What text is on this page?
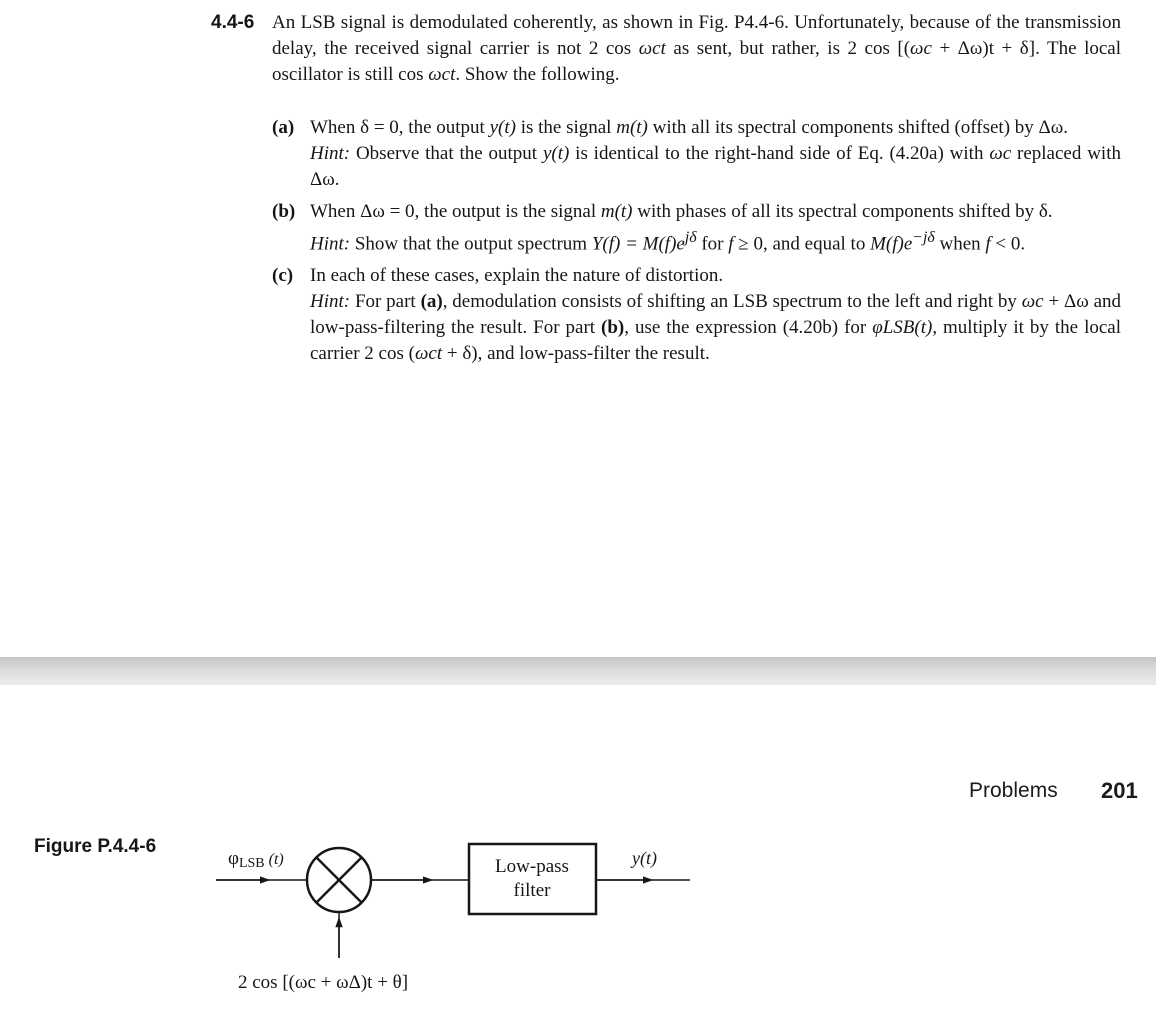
4.4-6 An LSB signal is demodulated coherently, as shown in Fig. P4.4-6. Unfortunately, because of the transmission delay, the received signal carrier is not 2 cos ωct as sent, but rather, is 2 cos [(ωc + Δω)t + δ]. The local oscillator is still cos ωct. Show the following.
(a) When δ = 0, the output y(t) is the signal m(t) with all its spectral components shifted (offset) by Δω.
Hint: Observe that the output y(t) is identical to the right-hand side of Eq. (4.20a) with ωc replaced with Δω.
(b) When Δω = 0, the output is the signal m(t) with phases of all its spectral components shifted by δ.
Hint: Show that the output spectrum $Y(f) = M(f)e^{j\delta}$ for f ≥ 0, and equal to $M(f)e^{-j\delta}$ when f < 0.
(c) In each of these cases, explain the nature of distortion.
Hint: For part (a), demodulation consists of shifting an LSB spectrum to the left and right by ωc + Δω and low-pass-filtering the result. For part (b), use the expression (4.20b) for φLSB(t), multiply it by the local carrier 2 cos (ωct + δ), and low-pass-filter the result.
Problems 201
Figure P.4.4-6
φLSB (t)	Low-pass
filter
y(t)
2 cos [(ωc + ωΔ)t + θ]
